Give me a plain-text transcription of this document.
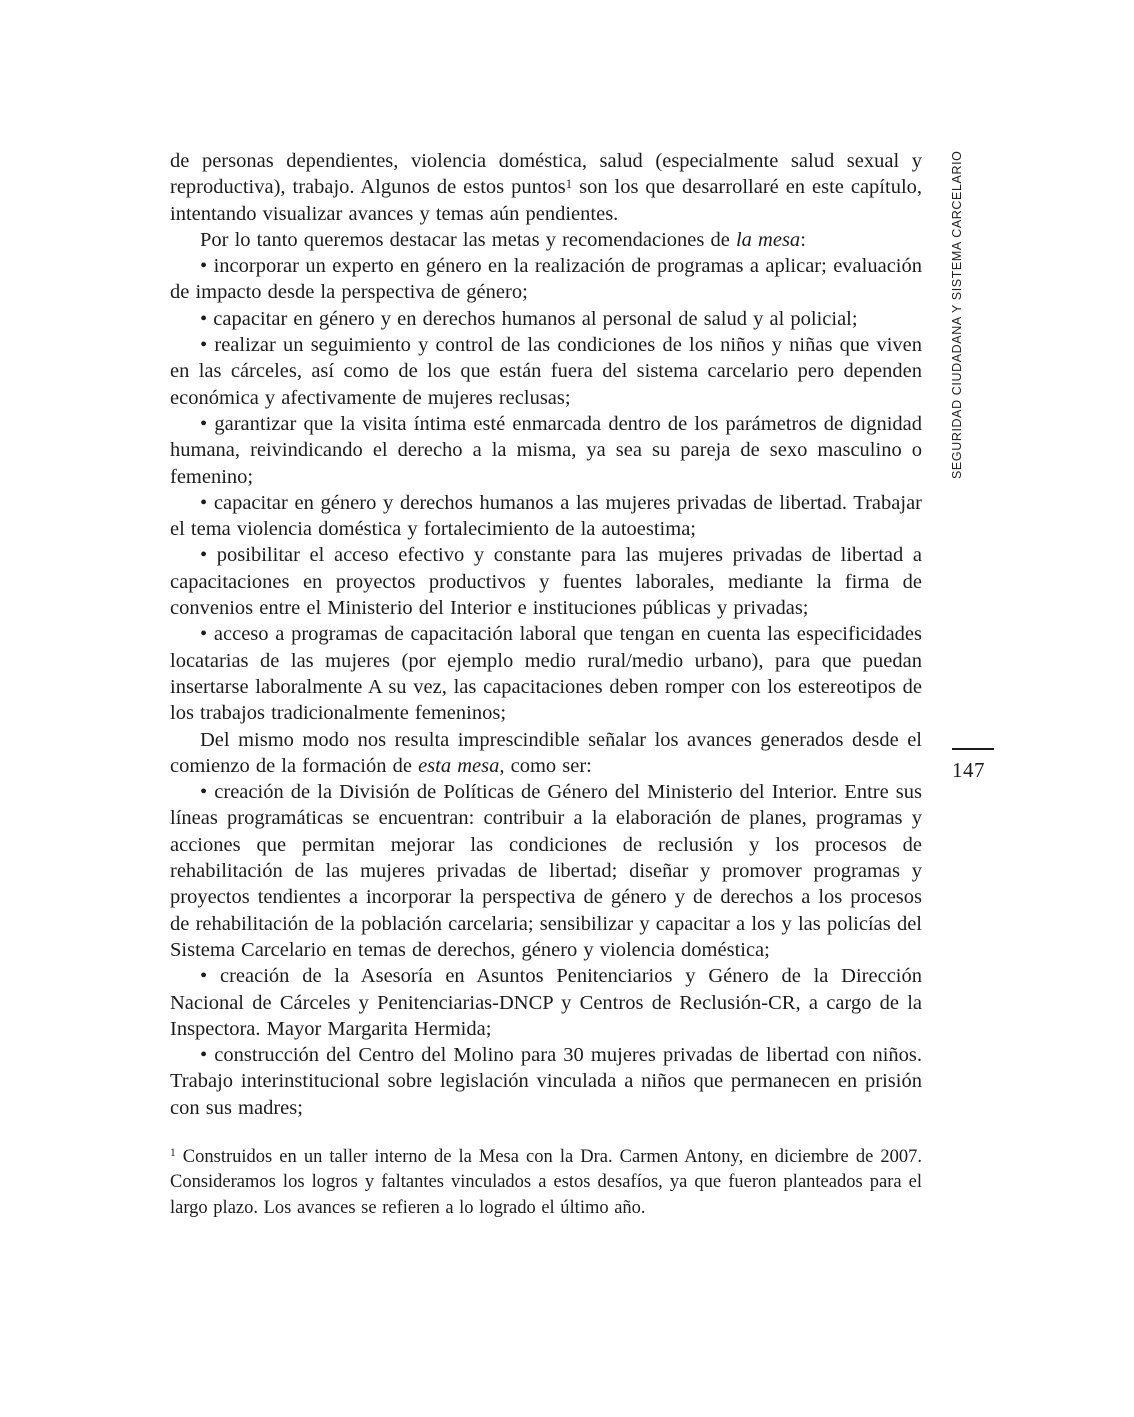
de personas dependientes, violencia doméstica, salud (especialmente salud sexual y reproductiva), trabajo. Algunos de estos puntos$^1$ son los que desarrollaré en este capítulo, intentando visualizar avances y temas aún pendientes.

Por lo tanto queremos destacar las metas y recomendaciones de la mesa:

• incorporar un experto en género en la realización de programas a aplicar; evaluación de impacto desde la perspectiva de género;

• capacitar en género y en derechos humanos al personal de salud y al policial;

• realizar un seguimiento y control de las condiciones de los niños y niñas que viven en las cárceles, así como de los que están fuera del sistema carcelario pero dependen económica y afectivamente de mujeres reclusas;

• garantizar que la visita íntima esté enmarcada dentro de los parámetros de dignidad humana, reivindicando el derecho a la misma, ya sea su pareja de sexo masculino o femenino;

• capacitar en género y derechos humanos a las mujeres privadas de libertad. Trabajar el tema violencia doméstica y fortalecimiento de la autoestima;

• posibilitar el acceso efectivo y constante para las mujeres privadas de libertad a capacitaciones en proyectos productivos y fuentes laborales, mediante la firma de convenios entre el Ministerio del Interior e instituciones públicas y privadas;

• acceso a programas de capacitación laboral que tengan en cuenta las especificidades locatarias de las mujeres (por ejemplo medio rural/medio urbano), para que puedan insertarse laboralmente A su vez, las capacitaciones deben romper con los estereotipos de los trabajos tradicionalmente femeninos;

Del mismo modo nos resulta imprescindible señalar los avances generados desde el comienzo de la formación de esta mesa, como ser:

• creación de la División de Políticas de Género del Ministerio del Interior. Entre sus líneas programáticas se encuentran: contribuir a la elaboración de planes, programas y acciones que permitan mejorar las condiciones de reclusión y los procesos de rehabilitación de las mujeres privadas de libertad; diseñar y promover programas y proyectos tendientes a incorporar la perspectiva de género y de derechos a los procesos de rehabilitación de la población carcelaria; sensibilizar y capacitar a los y las policías del Sistema Carcelario en temas de derechos, género y violencia doméstica;

• creación de la Asesoría en Asuntos Penitenciarios y Género de la Dirección Nacional de Cárceles y Penitenciarias-DNCP y Centros de Reclusión-CR, a cargo de la Inspectora. Mayor Margarita Hermida;

• construcción del Centro del Molino para 30 mujeres privadas de libertad con niños. Trabajo interinstitucional sobre legislación vinculada a niños que permanecen en prisión con sus madres;

$^1$ Construidos en un taller interno de la Mesa con la Dra. Carmen Antony, en diciembre de 2007. Consideramos los logros y faltantes vinculados a estos desafíos, ya que fueron planteados para el largo plazo. Los avances se refieren a lo logrado el último año.

SEGURIDAD CIUDADANA Y SISTEMA CARCELARIO
147
